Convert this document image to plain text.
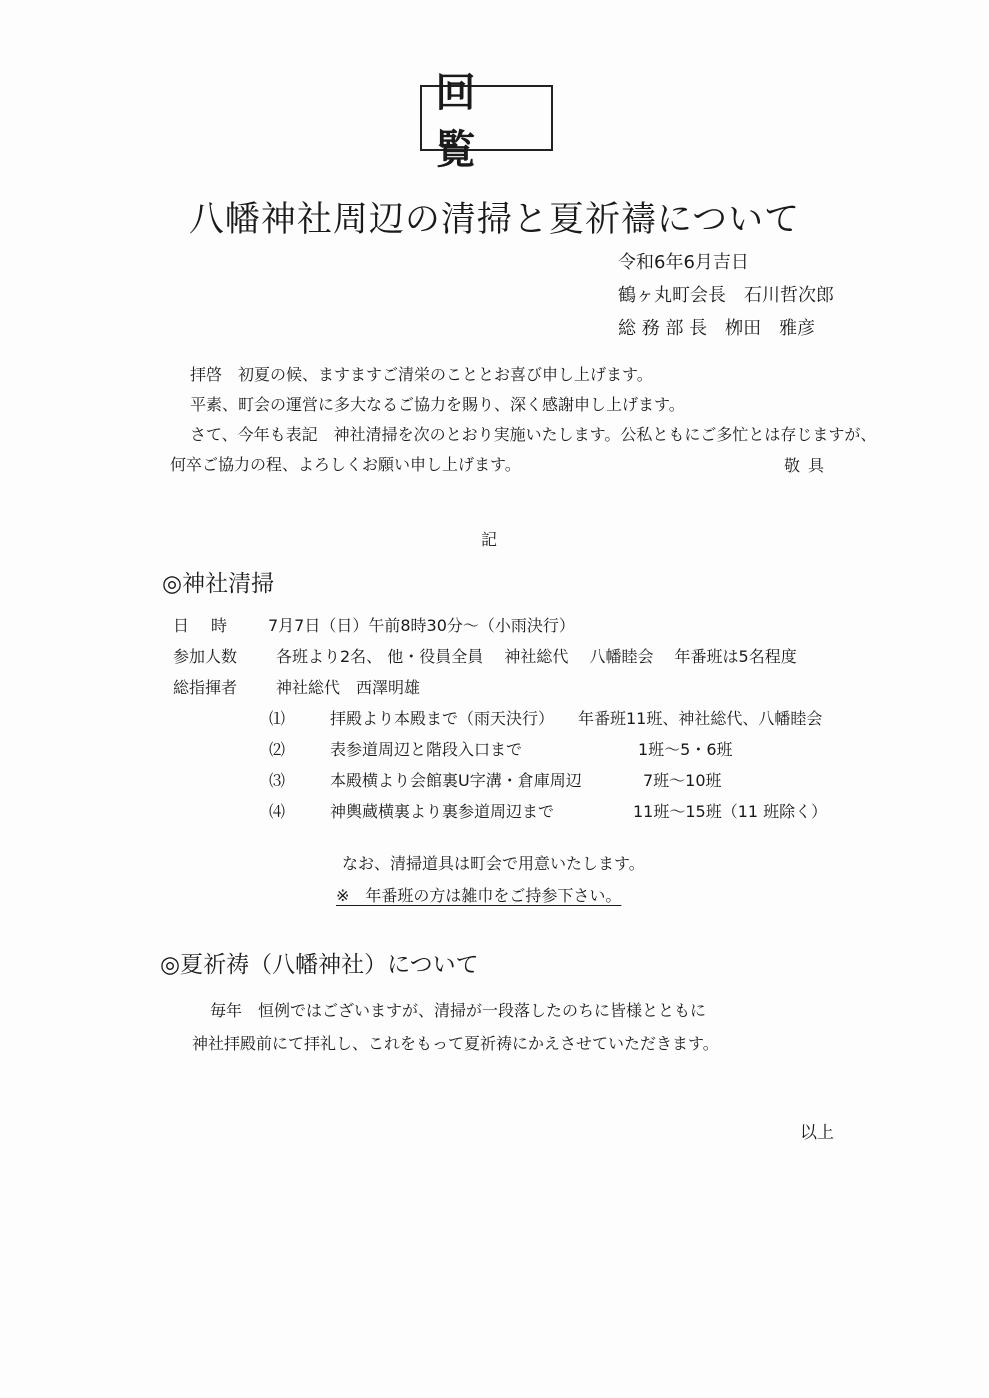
回　覧
八幡神社周辺の清掃と夏祈禱について
令和6年6月吉日
鶴ヶ丸町会長　石川哲次郎
総 務 部 長　栁田　雅彦

拝啓　初夏の候、ますますご清栄のこととお喜び申し上げます。

平素、町会の運営に多大なるご協力を賜り、深く感謝申し上げます。

さて、今年も表記　神社清掃を次のとおり実施いたします。公私ともにご多忙とは存じますが、

何卒ご協力の程、よろしくお願い申し上げます。	敬具
記
◎神社清掃
日時 7月7日（日）午前8時30分～（小雨決行）
参加人数 各班より2名、 他・役員全員　 神社総代　 八幡睦会　 年番班は5名程度
総指揮者 神社総代　西澤明雄
⑴	拝殿より本殿まで（雨天決行） 年番班11班、神社総代、八幡睦会
⑵	表参道周辺と階段入口まで	1班～5・6班
⑶	本殿横より会館裏U字溝・倉庫周辺	7班～10班
⑷	神輿蔵横裏より裏参道周辺まで	11班～15班（11 班除く）
なお、清掃道具は町会で用意いたします。
※　年番班の方は雑巾をご持参下さい。
◎夏祈祷（八幡神社）について

毎年　恒例ではございますが、清掃が一段落したのちに皆様とともに

神社拝殿前にて拝礼し、これをもって夏祈祷にかえさせていただきます。

以上
